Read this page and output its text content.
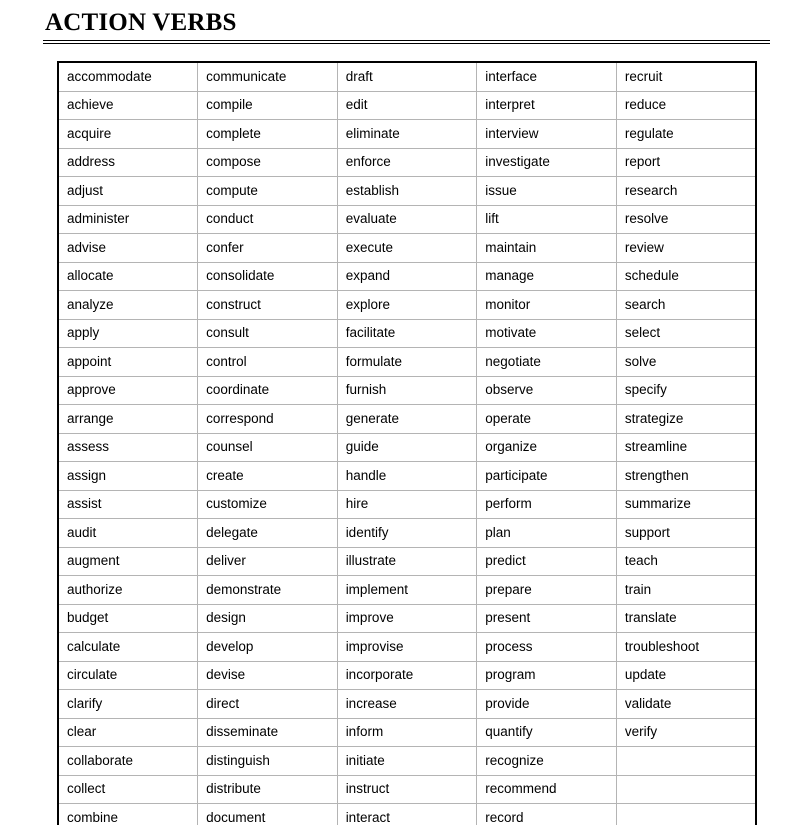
ACTION VERBS
accommodate	communicate	draft	interface	recruit
achieve	compile	edit	interpret	reduce
acquire	complete	eliminate	interview	regulate
address	compose	enforce	investigate	report
adjust	compute	establish	issue	research
administer	conduct	evaluate	lift	resolve
advise	confer	execute	maintain	review
allocate	consolidate	expand	manage	schedule
analyze	construct	explore	monitor	search
apply	consult	facilitate	motivate	select
appoint	control	formulate	negotiate	solve
approve	coordinate	furnish	observe	specify
arrange	correspond	generate	operate	strategize
assess	counsel	guide	organize	streamline
assign	create	handle	participate	strengthen
assist	customize	hire	perform	summarize
audit	delegate	identify	plan	support
augment	deliver	illustrate	predict	teach
authorize	demonstrate	implement	prepare	train
budget	design	improve	present	translate
calculate	develop	improvise	process	troubleshoot
circulate	devise	incorporate	program	update
clarify	direct	increase	provide	validate
clear	disseminate	inform	quantify	verify
collaborate	distinguish	initiate	recognize	
collect	distribute	instruct	recommend	
combine	document	interact	record	
